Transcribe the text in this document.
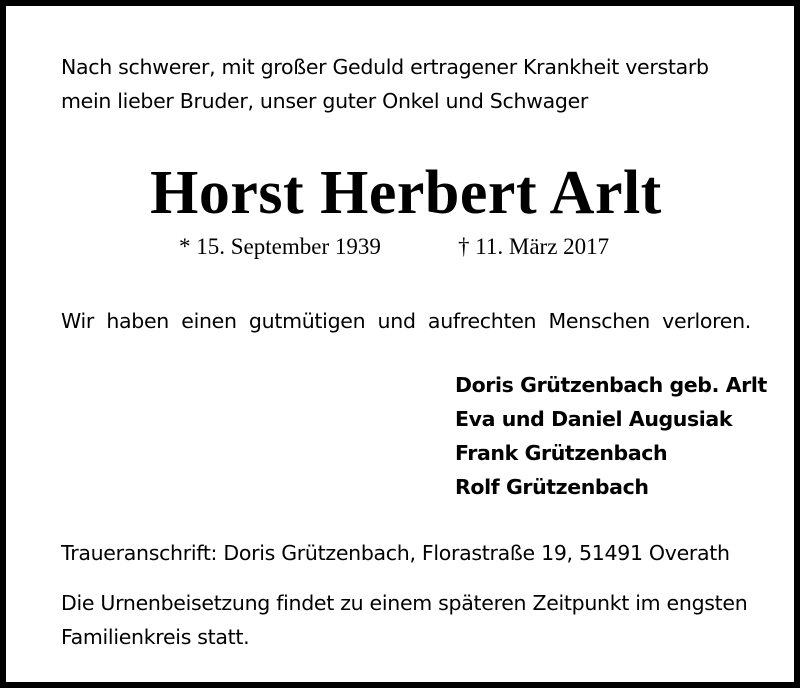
Nach schwerer, mit großer Geduld ertragener Krankheit verstarb
mein lieber Bruder, unser guter Onkel und Schwager

Horst Herbert Arlt
* 15. September 1939	† 11. März 2017

Wir haben einen gutmütigen und aufrechten Menschen verloren.

Doris Grützenbach geb. Arlt
Eva und Daniel Augusiak
Frank Grützenbach
Rolf Grützenbach

Traueranschrift: Doris Grützenbach, Florastraße 19, 51491 Overath

Die Urnenbeisetzung findet zu einem späteren Zeitpunkt im engsten
Familienkreis statt.
